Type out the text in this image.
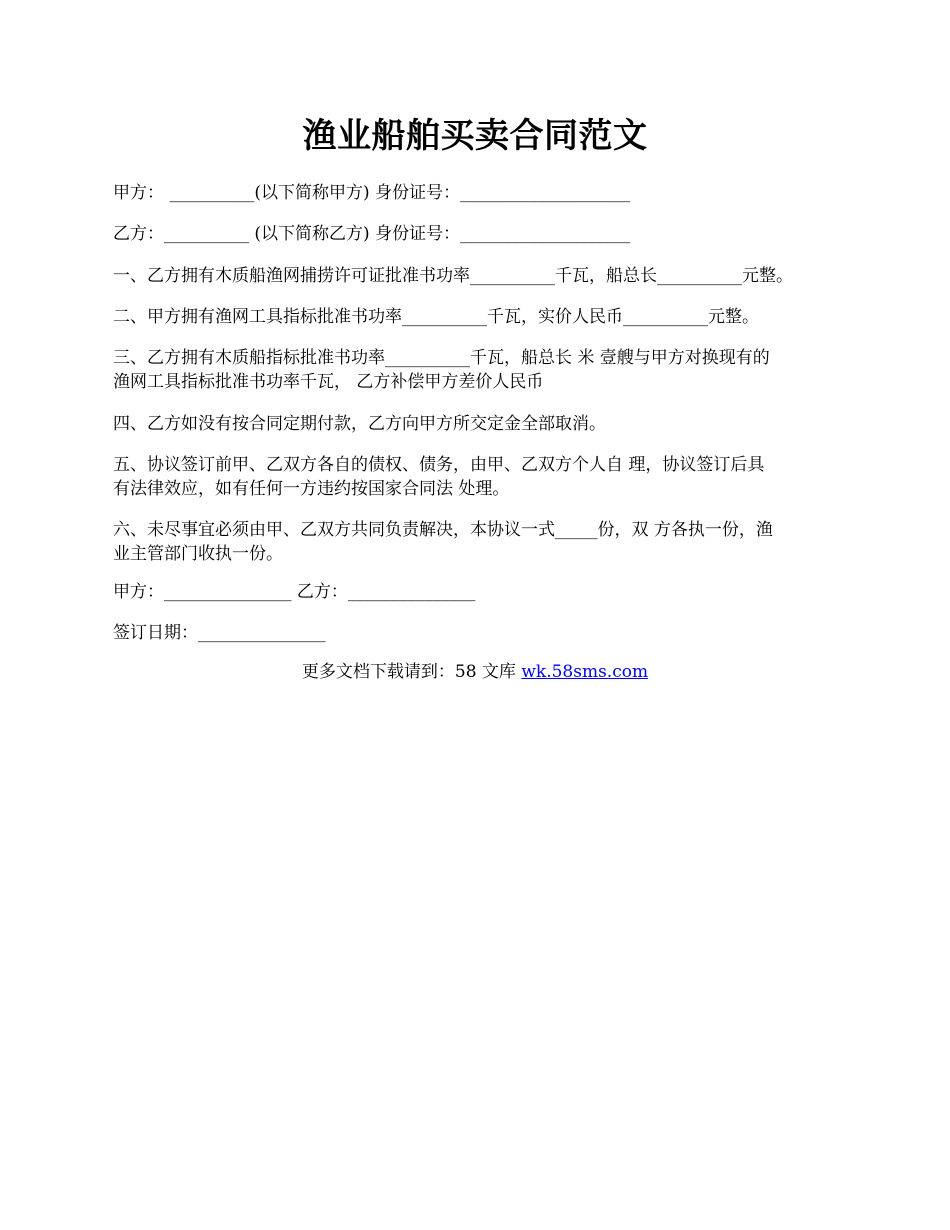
渔业船舶买卖合同范文
甲方： __________(以下简称甲方) 身份证号：____________________
乙方：__________ (以下简称乙方) 身份证号：____________________
一、乙方拥有木质船渔网捕捞许可证批准书功率__________千瓦，船总长__________元整。
二、甲方拥有渔网工具指标批准书功率__________千瓦，实价人民币__________元整。
三、乙方拥有木质船指标批准书功率__________千瓦，船总长 米 壹艘与甲方对换现有的
渔网工具指标批准书功率千瓦， 乙方补偿甲方差价人民币
四、乙方如没有按合同定期付款，乙方向甲方所交定金全部取消。
五、协议签订前甲、乙双方各自的债权、债务，由甲、乙双方个人自 理，协议签订后具
有法律效应，如有任何一方违约按国家合同法 处理。
六、未尽事宜必须由甲、乙双方共同负责解决，本协议一式_____份，双 方各执一份，渔
业主管部门收执一份。
甲方：_______________ 乙方：_______________
签订日期：_______________
更多文档下载请到：58 文库 wk.58sms.com
